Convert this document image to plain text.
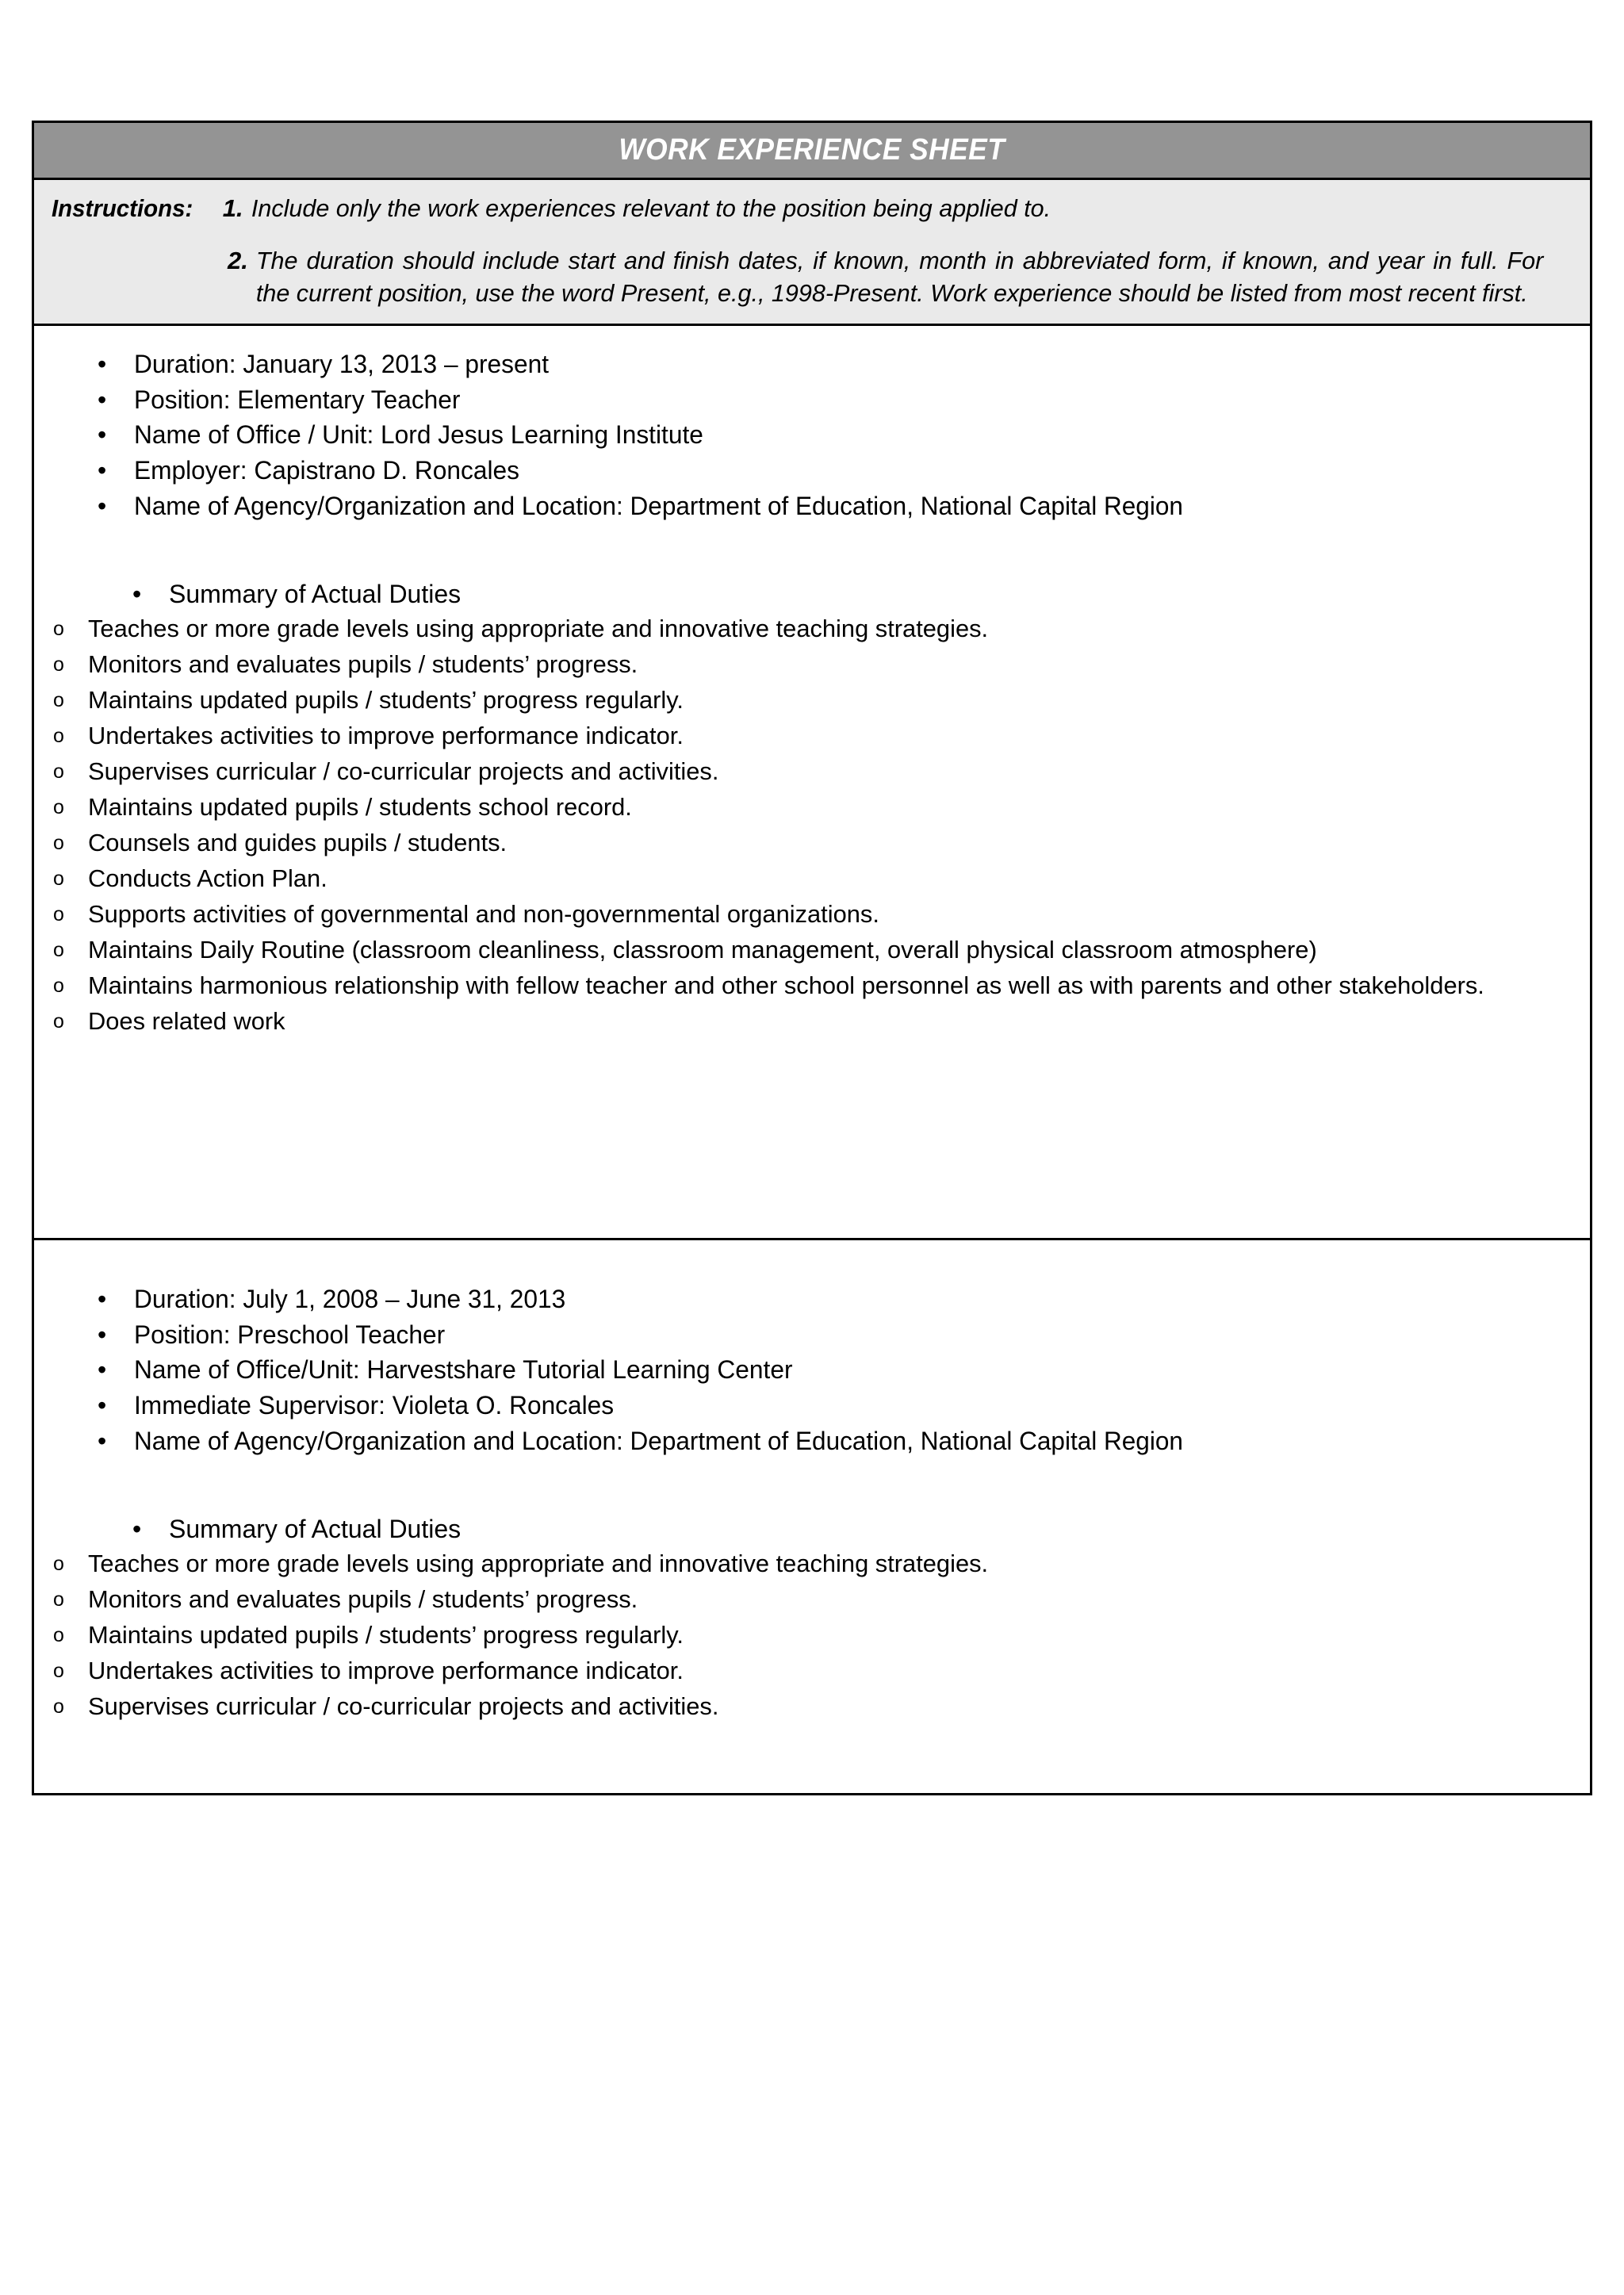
WORK EXPERIENCE SHEET
Instructions:	1. Include only the work experiences relevant to the position being applied to.
2. The duration should include start and finish dates, if known, month in abbreviated form, if known, and year in full. For the current position, use the word Present, e.g., 1998-Present. Work experience should be listed from most recent first.
•	Duration: January 13, 2013 – present
•	Position: Elementary Teacher
•	Name of Office / Unit: Lord Jesus Learning Institute
•	Employer: Capistrano D. Roncales
•	Name of Agency/Organization and Location: Department of Education, National Capital Region
•	Summary of Actual Duties
o Teaches or more grade levels using appropriate and innovative teaching strategies.
o Monitors and evaluates pupils / students’ progress.
o Maintains updated pupils / students’ progress regularly.
o Undertakes activities to improve performance indicator.
o Supervises curricular / co-curricular projects and activities.
o Maintains updated pupils / students school record.
o Counsels and guides pupils / students.
o Conducts Action Plan.
o Supports activities of governmental and non-governmental organizations.
o Maintains Daily Routine (classroom cleanliness, classroom management, overall physical classroom atmosphere)
o Maintains harmonious relationship with fellow teacher and other school personnel as well as with parents and other stakeholders.
o Does related work
•	Duration: July 1, 2008 – June 31, 2013
•	Position: Preschool Teacher
•	Name of Office/Unit: Harvestshare Tutorial Learning Center
•	Immediate Supervisor: Violeta O. Roncales
•	Name of Agency/Organization and Location: Department of Education, National Capital Region
•	Summary of Actual Duties
o Teaches or more grade levels using appropriate and innovative teaching strategies.
o Monitors and evaluates pupils / students’ progress.
o Maintains updated pupils / students’ progress regularly.
o Undertakes activities to improve performance indicator.
o Supervises curricular / co-curricular projects and activities.
